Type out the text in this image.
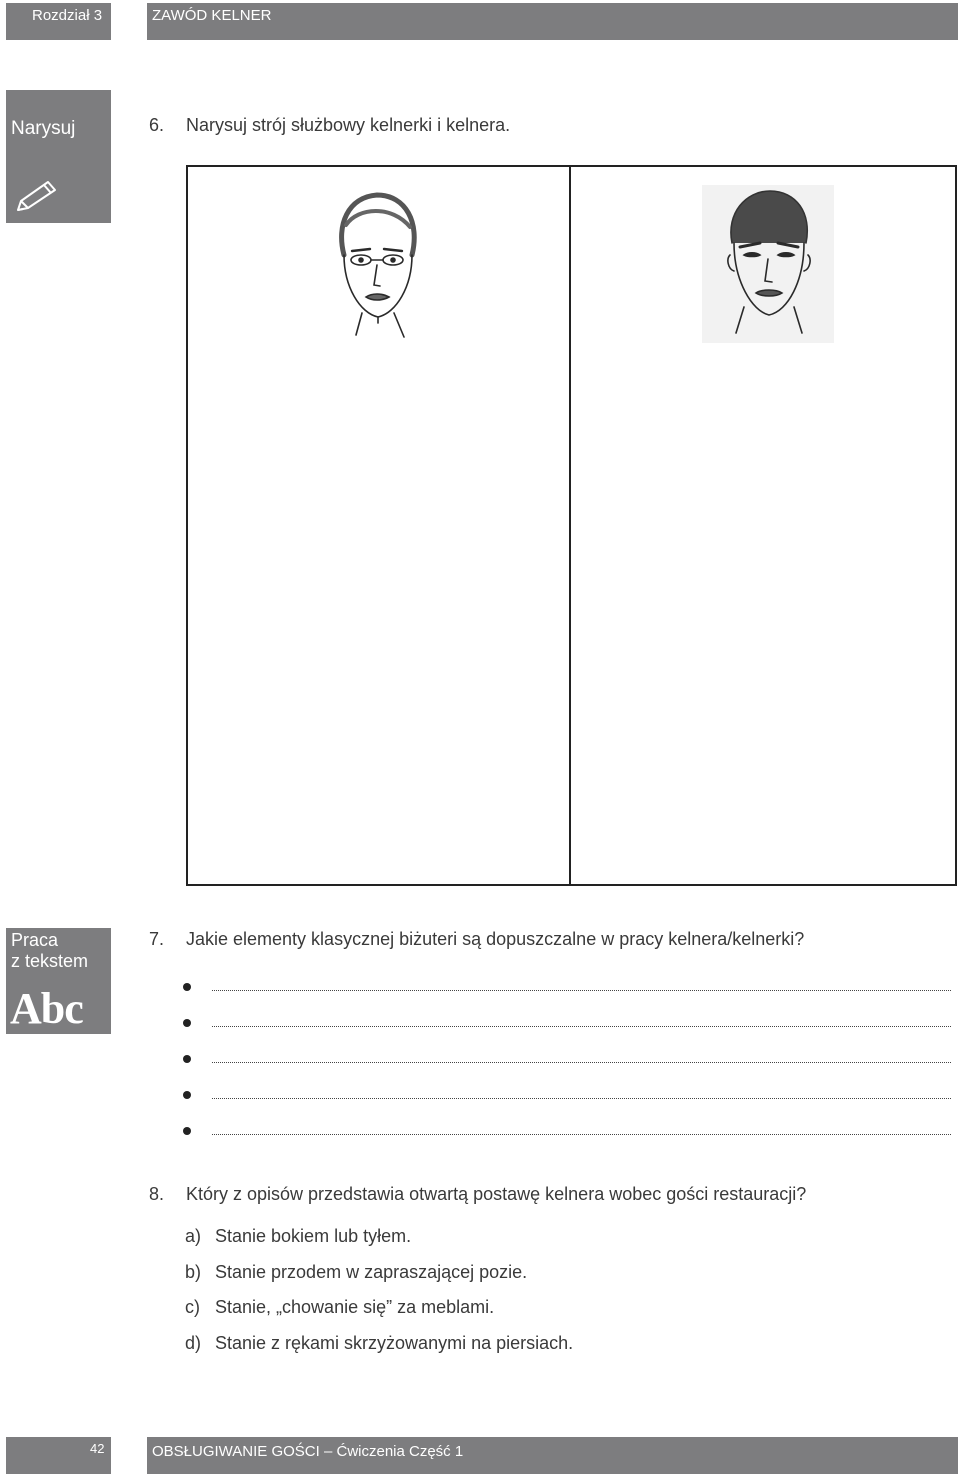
Rozdział 3	ZAWÓD KELNER
Narysuj	6. Narysuj strój służbowy kelnerki i kelnera.
Praca
z tekstem
Abc
7. Jakie elementy klasycznej biżuteri są dopuszczalne w pracy kelnera/kelnerki?
8. Który z opisów przedstawia otwartą postawę kelnera wobec gości restauracji?
a) Stanie bokiem lub tyłem.
b) Stanie przodem w zapraszającej pozie.
c) Stanie, „chowanie się” za meblami.
d) Stanie z rękami skrzyżowanymi na piersiach.
42	OBSŁUGIWANIE GOŚCI – Ćwiczenia Część 1
